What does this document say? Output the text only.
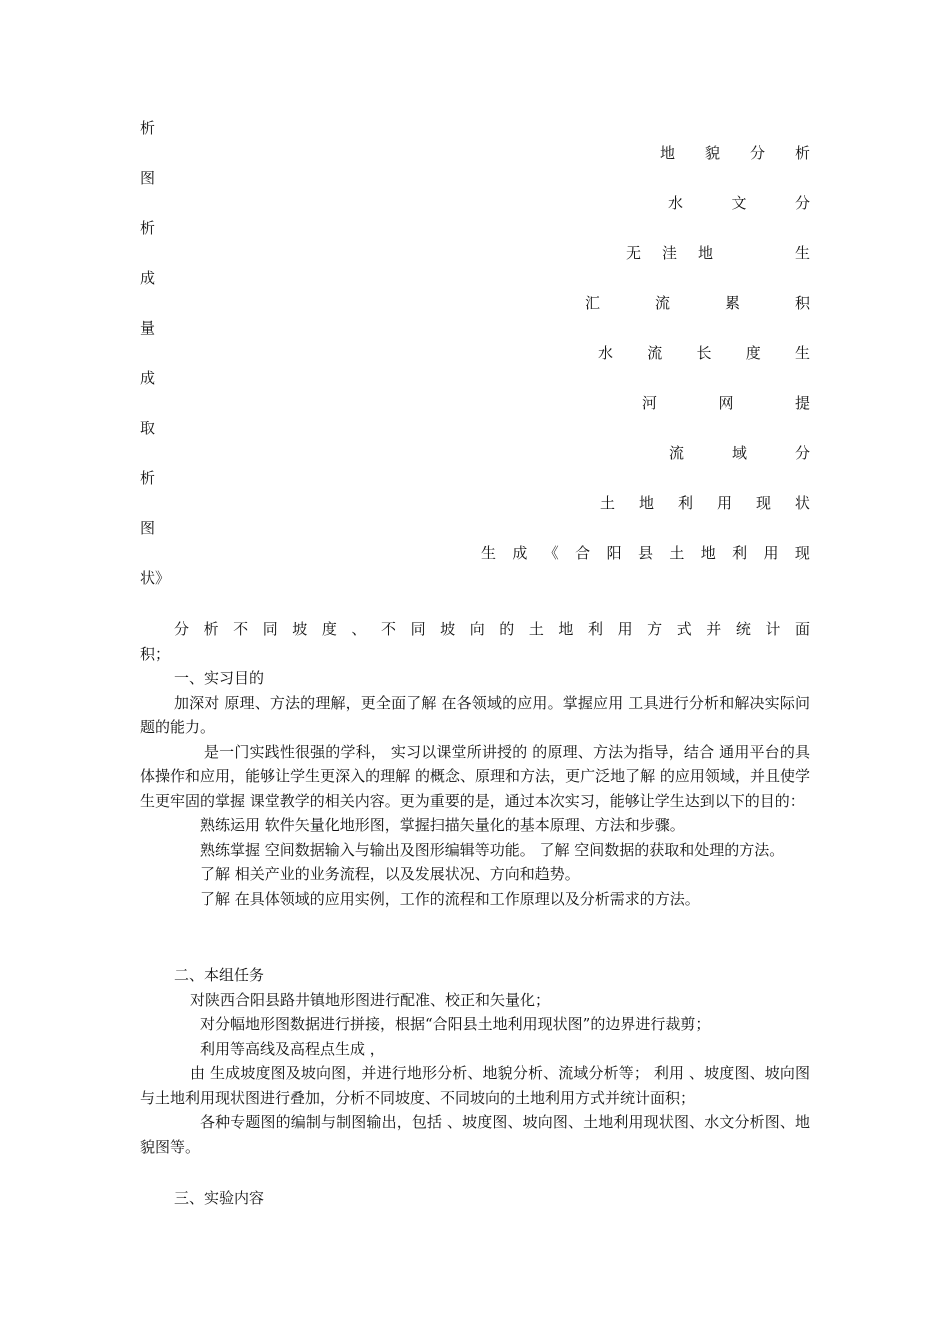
析
地 貌 分 析
图
水	文	分
析
无 洼 地	生
成
汇	流	累	积
量
水 流 长 度 生
成
河	网	提
取
流	域	分
析
土 地 利 用 现 状
图
生 成 《 合 阳 县 土 地 利 用 现
状》

分 析 不 同 坡 度 、 不 同 坡 向 的 土 地 利 用 方 式 并 统 计 面

积；

一、实习目的

加深对 原理、方法的理解，更全面了解 在各领域的应用。掌握应用 工具进行分析和解决实际问题的能力。

是一门实践性很强的学科， 实习以课堂所讲授的 的原理、方法为指导，结合 通用平台的具体操作和应用，能够让学生更深入的理解 的概念、原理和方法，更广泛地了解 的应用领域，并且使学生更牢固的掌握 课堂教学的相关内容。更为重要的是，通过本次实习，能够让学生达到以下的目的：

熟练运用 软件矢量化地形图，掌握扫描矢量化的基本原理、方法和步骤。

熟练掌握 空间数据输入与输出及图形编辑等功能。 了解 空间数据的获取和处理的方法。

了解 相关产业的业务流程，以及发展状况、方向和趋势。

了解 在具体领域的应用实例，工作的流程和工作原理以及分析需求的方法。

二、本组任务

对陕西合阳县路井镇地形图进行配准、校正和矢量化；

对分幅地形图数据进行拼接，根据“合阳县土地利用现状图”的边界进行裁剪；

利用等高线及高程点生成 ，

由 生成坡度图及坡向图，并进行地形分析、地貌分析、流域分析等； 利用 、坡度图、坡向图与土地利用现状图进行叠加，分析不同坡度、不同坡向的土地利用方式并统计面积；

各种专题图的编制与制图输出，包括 、坡度图、坡向图、土地利用现状图、水文分析图、地貌图等。

三、实验内容
